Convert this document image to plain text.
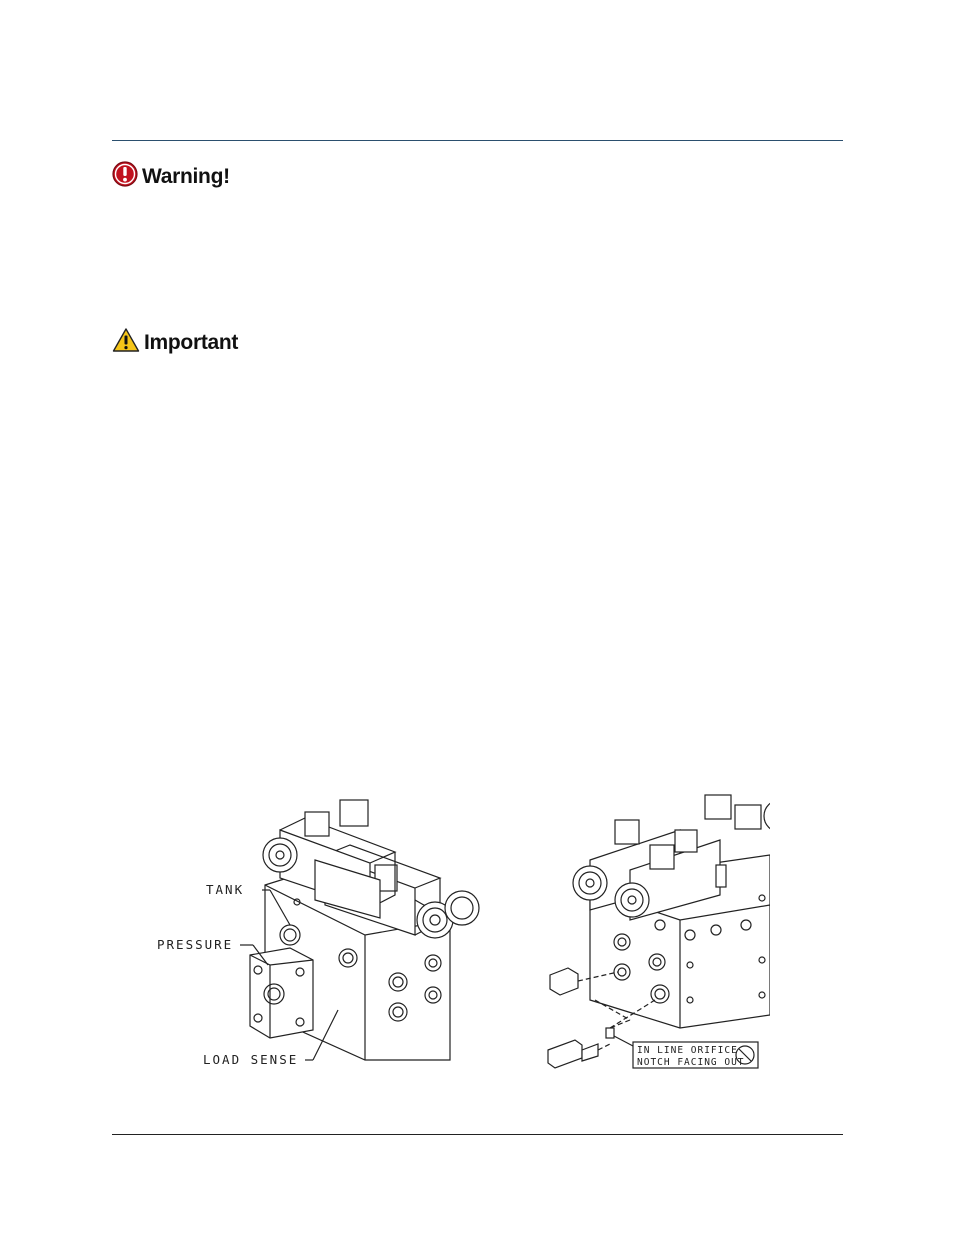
Warning!
Important
TANK
PRESSURE
LOAD SENSE
IN LINE ORIFICE
NOTCH FACING OUT
